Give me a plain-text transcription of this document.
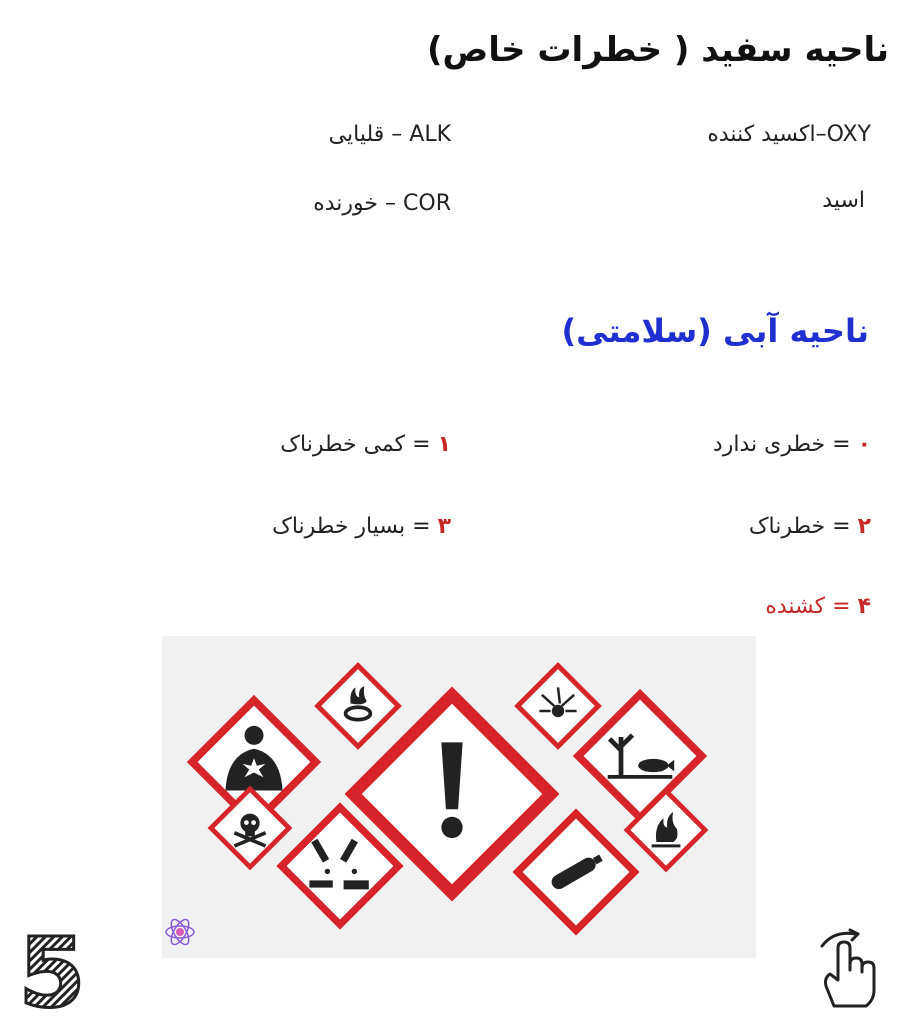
ناحیه سفید ( خطرات خاص)
OXY–اکسید کننده
ALK – قلیایی
اسید
COR – خورنده
ناحیه آبی (سلامتی)
۰ = خطری ندارد
۱ = کمی خطرناک
۲ = خطرناک
۳ = بسیار خطرناک
۴ = کشنده
5
